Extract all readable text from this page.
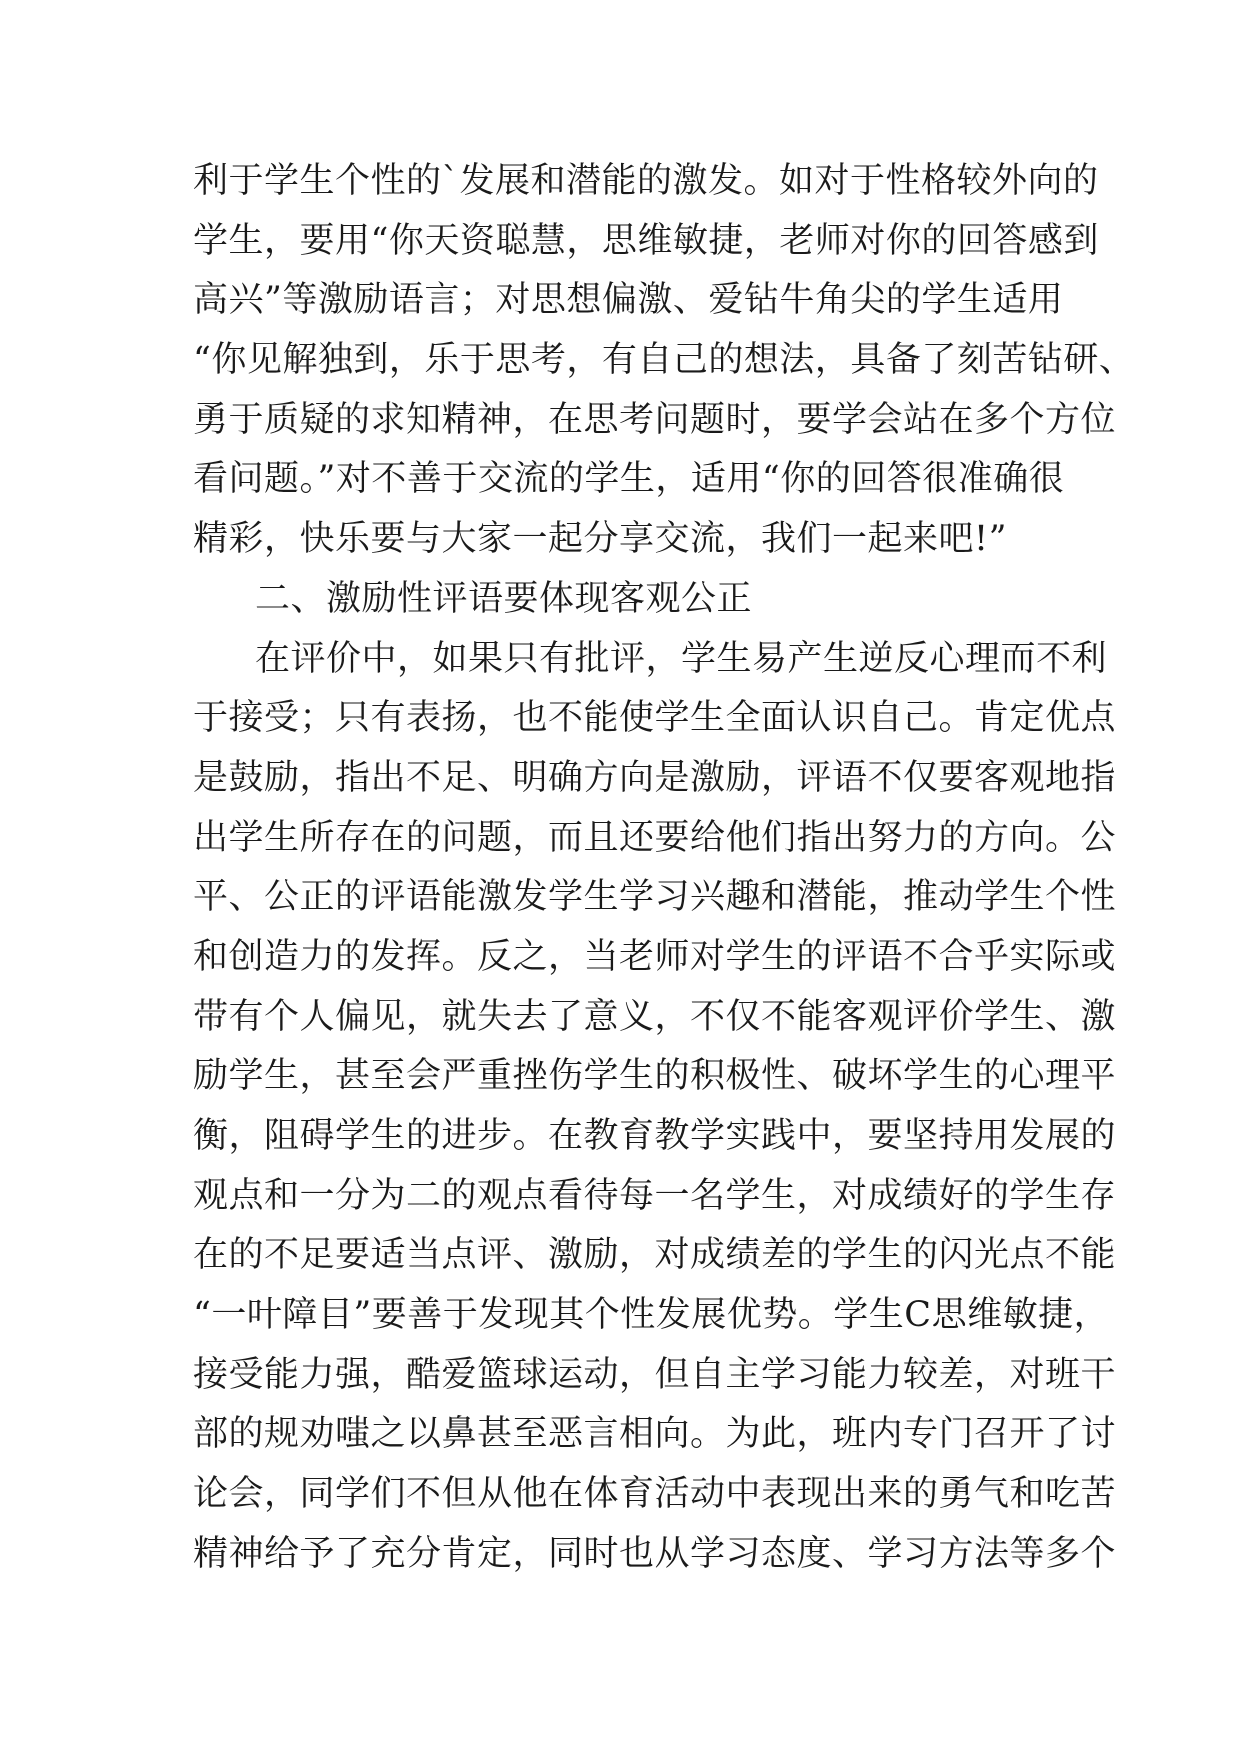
利于学生个性的`发展和潜能的激发。如对于性格较外向的
学生，要用“你天资聪慧，思维敏捷，老师对你的回答感到
高兴”等激励语言；对思想偏激、爱钻牛角尖的学生适用
“你见解独到，乐于思考，有自己的想法，具备了刻苦钻研、
勇于质疑的求知精神，在思考问题时，要学会站在多个方位
看问题。”对不善于交流的学生，适用“你的回答很准确很
精彩，快乐要与大家一起分享交流，我们一起来吧!”
二、激励性评语要体现客观公正
在评价中，如果只有批评，学生易产生逆反心理而不利
于接受；只有表扬，也不能使学生全面认识自己。肯定优点
是鼓励，指出不足、明确方向是激励，评语不仅要客观地指
出学生所存在的问题，而且还要给他们指出努力的方向。公
平、公正的评语能激发学生学习兴趣和潜能，推动学生个性
和创造力的发挥。反之，当老师对学生的评语不合乎实际或
带有个人偏见，就失去了意义，不仅不能客观评价学生、激
励学生，甚至会严重挫伤学生的积极性、破坏学生的心理平
衡，阻碍学生的进步。在教育教学实践中，要坚持用发展的
观点和一分为二的观点看待每一名学生，对成绩好的学生存
在的不足要适当点评、激励，对成绩差的学生的闪光点不能
“一叶障目”要善于发现其个性发展优势。学生C思维敏捷，
接受能力强，酷爱篮球运动，但自主学习能力较差，对班干
部的规劝嗤之以鼻甚至恶言相向。为此，班内专门召开了讨
论会，同学们不但从他在体育活动中表现出来的勇气和吃苦
精神给予了充分肯定，同时也从学习态度、学习方法等多个
